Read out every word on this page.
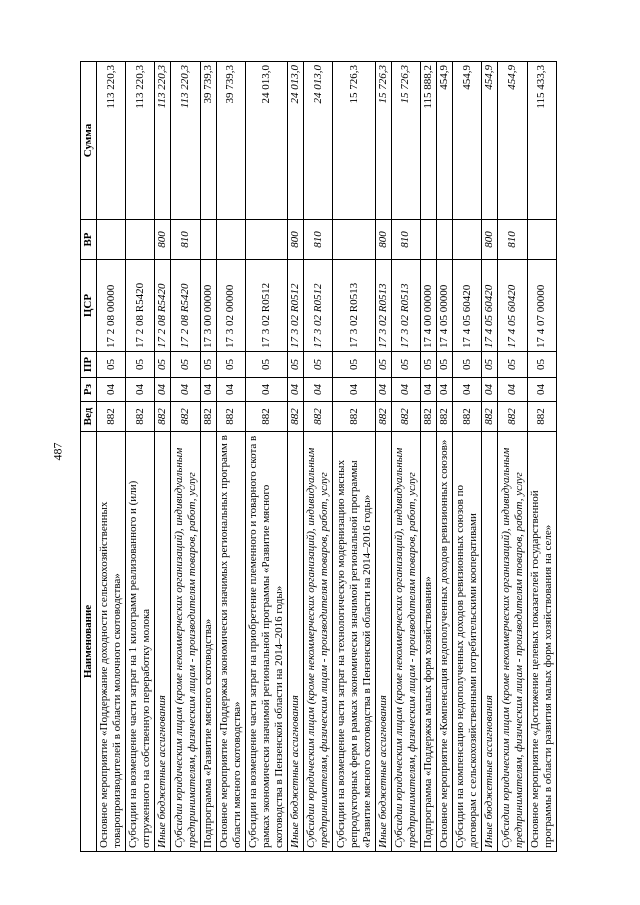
487
Наименование	Вед	Рз	ПР	ЦСР	ВР	Сумма
Основное мероприятие «Поддержание доходности сельскохозяйственных товаропроизводителей в области молочного скотоводства»	882	04	05	17 2 08 00000		113 220,3
Субсидии на возмещение части затрат на 1 килограмм реализованного и (или) отгруженного на собственную переработку молока	882	04	05	17 2 08 R5420		113 220,3
Иные бюджетные ассигнования	882	04	05	17 2 08 R5420	800	113 220,3
Субсидии юридическим лицам (кроме некоммерческих организаций), индивидуальным предпринимателям, физическим лицам - производителям товаров, работ, услуг	882	04	05	17 2 08 R5420	810	113 220,3
Подпрограмма «Развитие мясного скотоводства»	882	04	05	17 3 00 00000		39 739,3
Основное мероприятие «Поддержка экономически значимых региональных программ в области мясного скотоводства»	882	04	05	17 3 02 00000		39 739,3
Субсидии на возмещение части затрат на приобретение племенного и товарного скота в рамках экономически значимой региональной программы «Развитие мясного скотоводства в Пензенской области на 2014–2016 годы»	882	04	05	17 3 02 R0512		24 013,0
Иные бюджетные ассигнования	882	04	05	17 3 02 R0512	800	24 013,0
Субсидии юридическим лицам (кроме некоммерческих организаций), индивидуальным предпринимателям, физическим лицам - производителям товаров, работ, услуг	882	04	05	17 3 02 R0512	810	24 013,0
Субсидии на возмещение части затрат на технологическую модернизацию мясных репродукторных ферм в рамках экономически значимой региональной программы «Развитие мясного скотоводства в Пензенской области на 2014–2016 годы»	882	04	05	17 3 02 R0513		15 726,3
Иные бюджетные ассигнования	882	04	05	17 3 02 R0513	800	15 726,3
Субсидии юридическим лицам (кроме некоммерческих организаций), индивидуальным предпринимателям, физическим лицам - производителям товаров, работ, услуг	882	04	05	17 3 02 R0513	810	15 726,3
Подпрограмма «Поддержка малых форм хозяйствования»	882	04	05	17 4 00 00000		115 888,2
Основное мероприятие «Компенсация недополученных доходов ревизионных союзов»	882	04	05	17 4 05 00000		454,9
Субсидии на компенсацию недополученных доходов ревизионных союзов по договорам с сельскохозяйственными потребительскими кооперативами	882	04	05	17 4 05 60420		454,9
Иные бюджетные ассигнования	882	04	05	17 4 05 60420	800	454,9
Субсидии юридическим лицам (кроме некоммерческих организаций), индивидуальным предпринимателям, физическим лицам - производителям товаров, работ, услуг	882	04	05	17 4 05 60420	810	454,9
Основное мероприятие «Достижение целевых показателей государственной программы в области развития малых форм хозяйствования на селе»	882	04	05	17 4 07 00000		115 433,3
